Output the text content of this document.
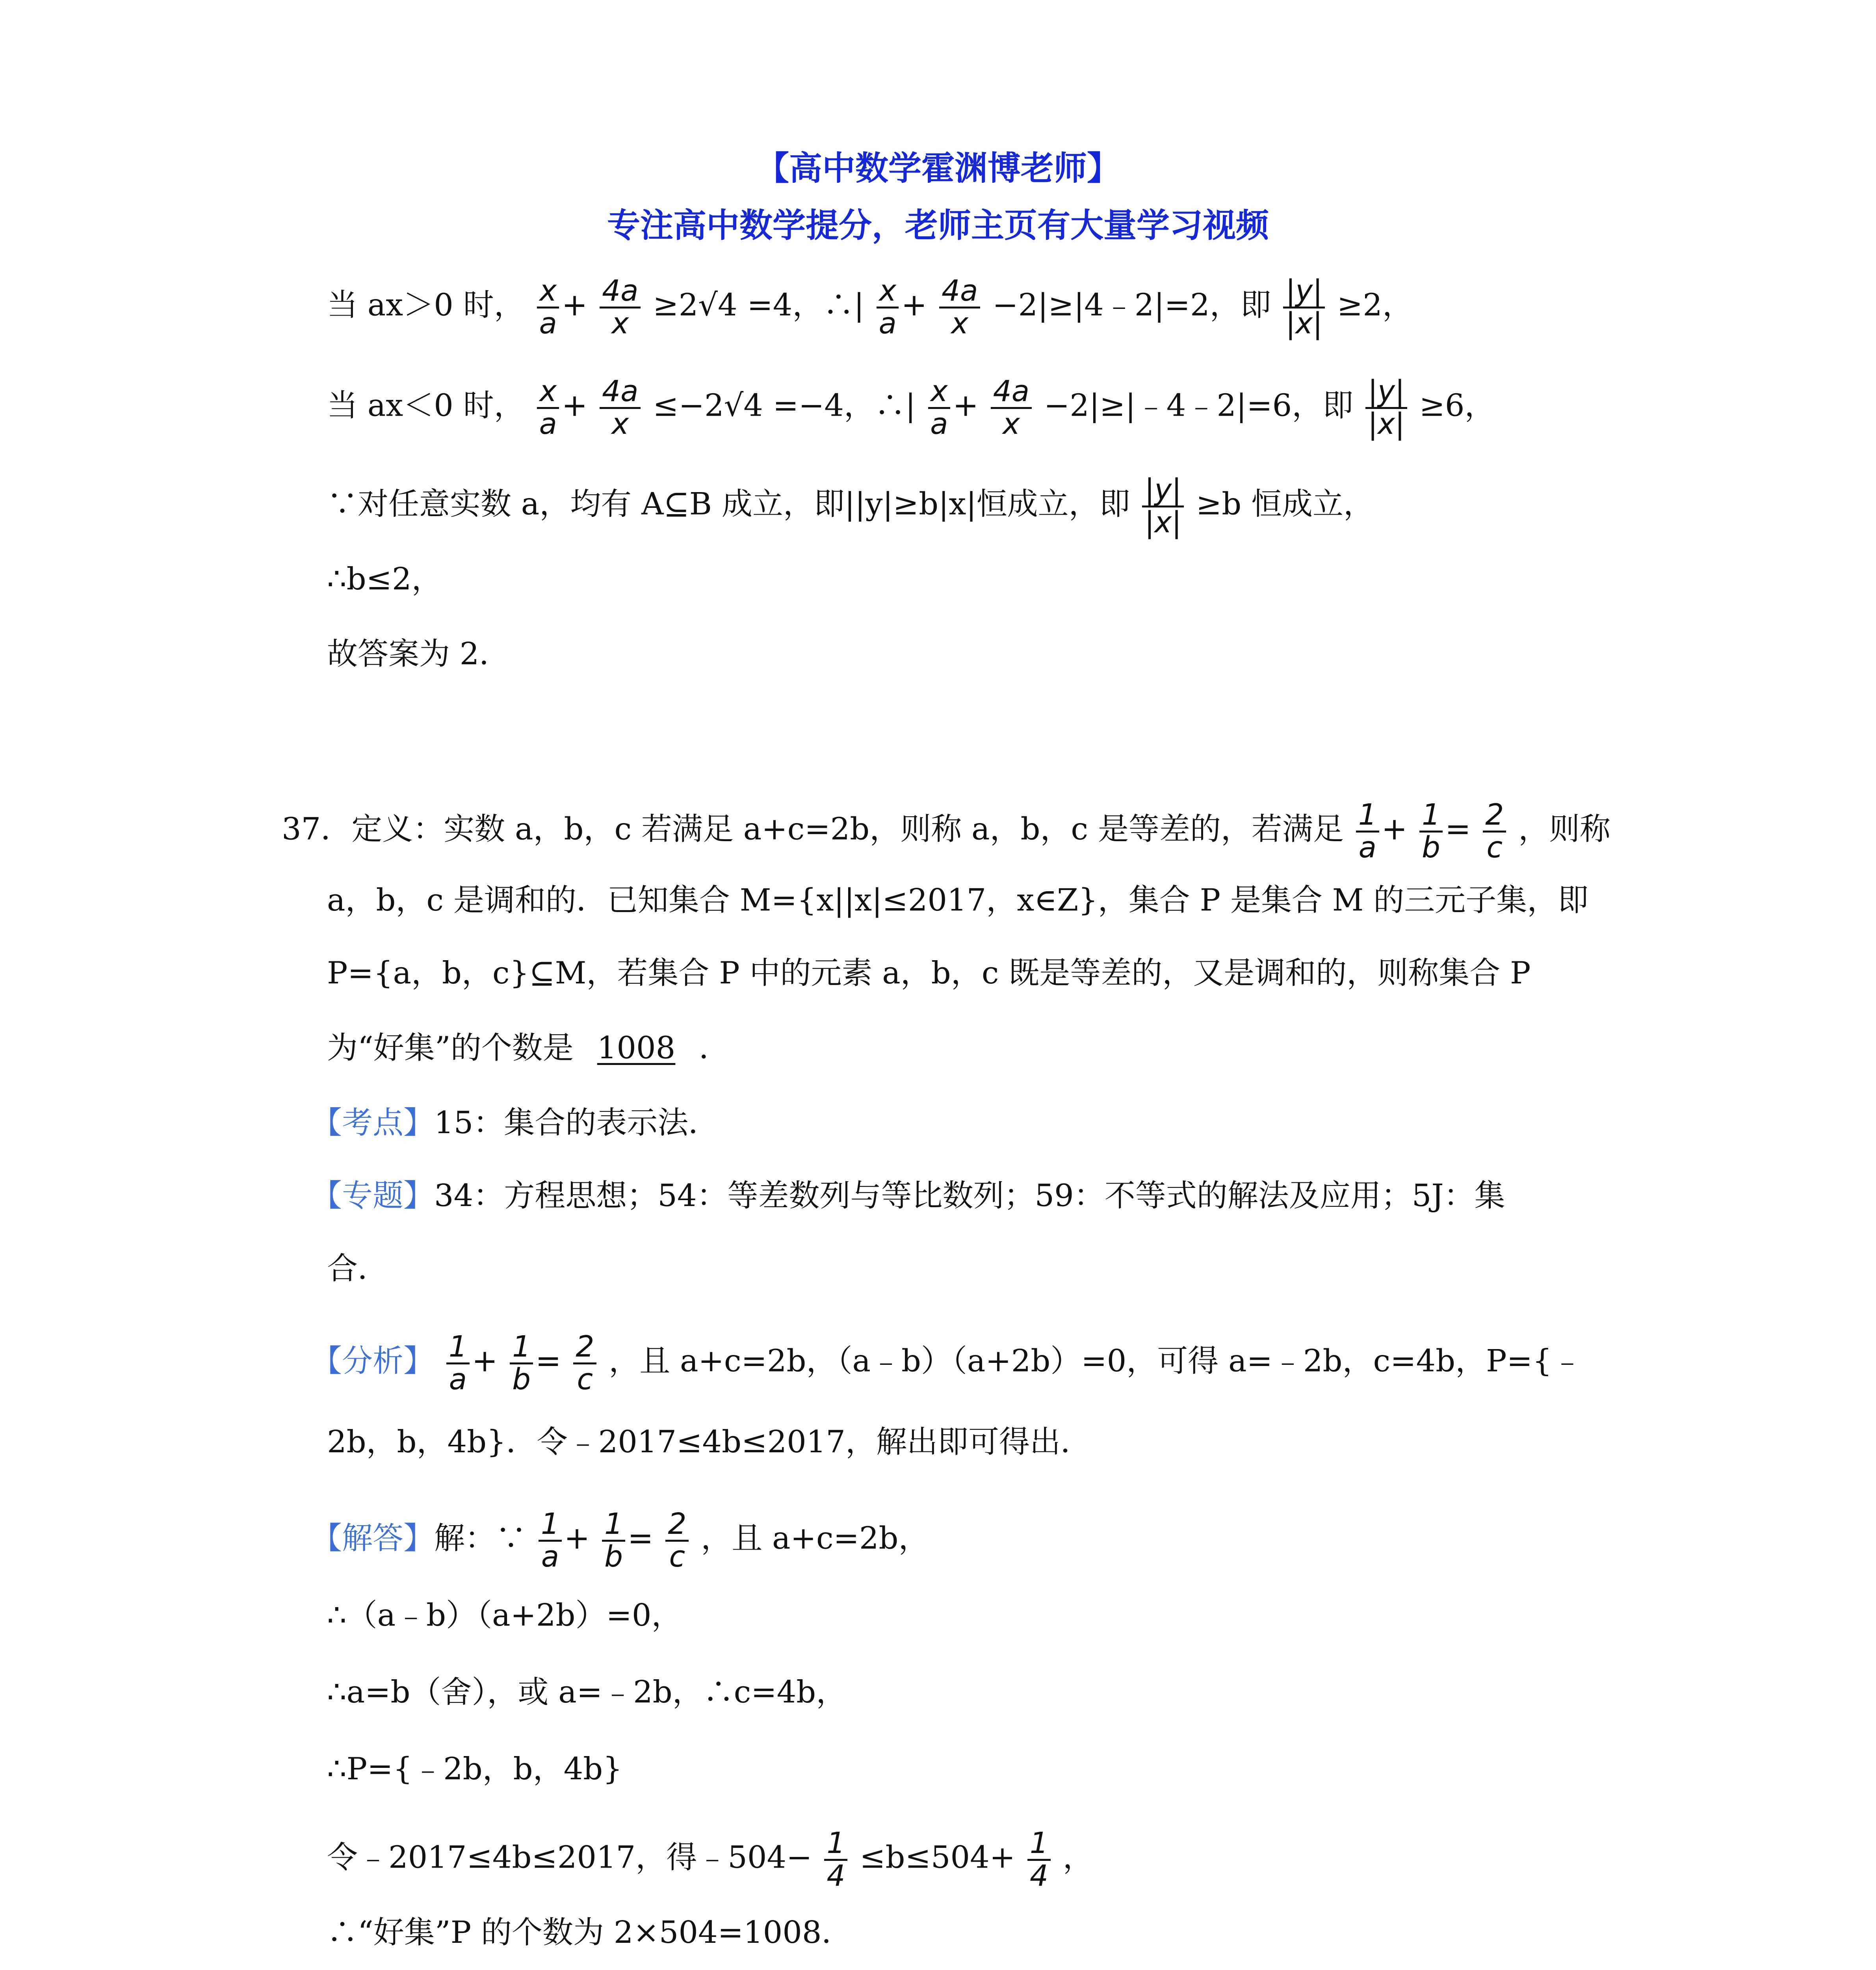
【高中数学霍渊博老师】
专注高中数学提分，老师主页有大量学习视频
当 ax＞0 时， $\frac{x}{a} + \frac{4a}{x} \ge 2√4 =4$，∴| $\frac{x}{a} + \frac{4a}{x}$ −2|≥|4﹣2|=2，即 $\frac{|y|}{|x|} \ge 2$，
当 ax＜0 时， $\frac{x}{a} + \frac{4a}{x} \le-2√4 =-4$，∴| $\frac{x}{a} + \frac{4a}{x}$ −2|≥|﹣4﹣2|=6，即 $\frac{|y|}{|x|} \ge 6$，
∵对任意实数 a，均有 A⊆B 成立，即||y|≥b|x|恒成立，即 $\frac{|y|}{|x|} \ge b$ 恒成立，
∴b≤2，
故答案为 2．
37．定义：实数 a，b，c 若满足 a+c=2b，则称 a，b，c 是等差的，若满足 $\frac{1}{a} + \frac{1}{b} = \frac{2}{c}$ ，则称
a，b，c 是调和的．已知集合 M={x||x|≤2017，x∈Z}，集合 P 是集合 M 的三元子集，即
P={a，b，c}⊆M，若集合 P 中的元素 a，b，c 既是等差的，又是调和的，则称集合 P
为“好集”的个数是 1008 ．
【考点】15：集合的表示法．
【专题】34：方程思想；54：等差数列与等比数列；59：不等式的解法及应用；5J：集
合．
【分析】 $\frac{1}{a} + \frac{1}{b} = \frac{2}{c}$ ，且 a+c=2b，（a﹣b）（a+2b）=0，可得 a=﹣2b，c=4b，P={﹣
2b，b，4b}．令﹣2017≤4b≤2017，解出即可得出．
【解答】解：∵ $\frac{1}{a} + \frac{1}{b} = \frac{2}{c}$ ，且 a+c=2b，
∴（a﹣b）（a+2b）=0，
∴a=b（舍），或 a=﹣2b，∴c=4b，
∴P={﹣2b，b，4b}
令﹣2017≤4b≤2017，得﹣504− $\frac{1}{4} \le b\le 504+ \frac{1}{4}$ ，
∴“好集”P 的个数为 2×504=1008．
